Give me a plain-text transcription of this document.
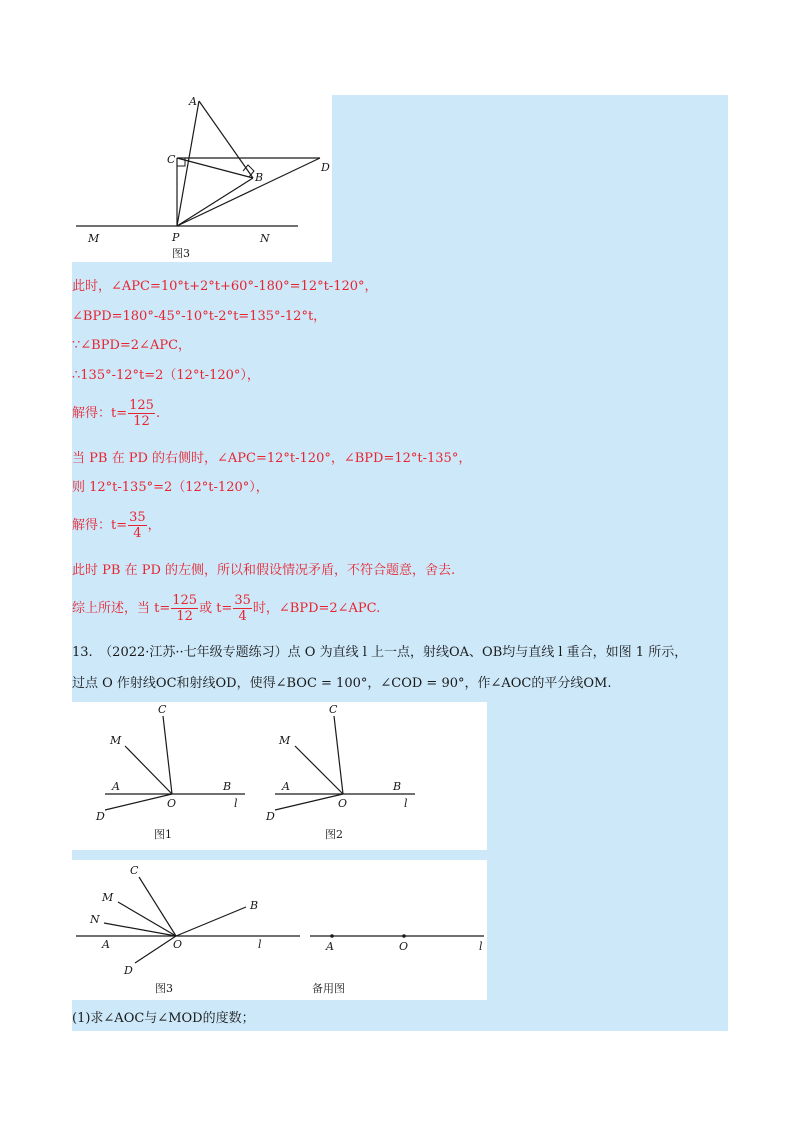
A
C
B
D
M	P	N
图3
此时，∠APC=10°t+2°t+60°-180°=12°t-120°，
∠BPD=180°-45°-10°t-2°t=135°-12°t，
∵∠BPD=2∠APC，
∴135°-12°t=2（12°t-120°），
解得：$t= \frac{125}{12}$ .
当 PB 在 PD 的右侧时，∠APC=12°t-120°，∠BPD=12°t-135°，
则 12°t-135°=2（12°t-120°），
解得：$t= \frac{35}{4}$ ，
此时 PB 在 PD 的左侧，所以和假设情况矛盾，不符合题意，舍去.
综上所述，当 $t= \frac{125}{12}$ 或 $t= \frac{35}{4}$ 时，∠BPD=2∠APC.
13.　（2022·江苏··七年级专题练习）点 O 为直线 l 上一点，射线OA、OB均与直线 l 重合，如图 1 所示，
过点 O 作射线OC和射线OD，使得∠BOC = 100°，∠COD = 90°，作∠AOC的平分线OM.
C
M
A	B
O	l
D
图1
C
M
A	B
O	l
D
图2
C
M
N
B
A	O	l
D
图3
A	O	l
备用图
(1)求∠AOC与∠MOD的度数；
